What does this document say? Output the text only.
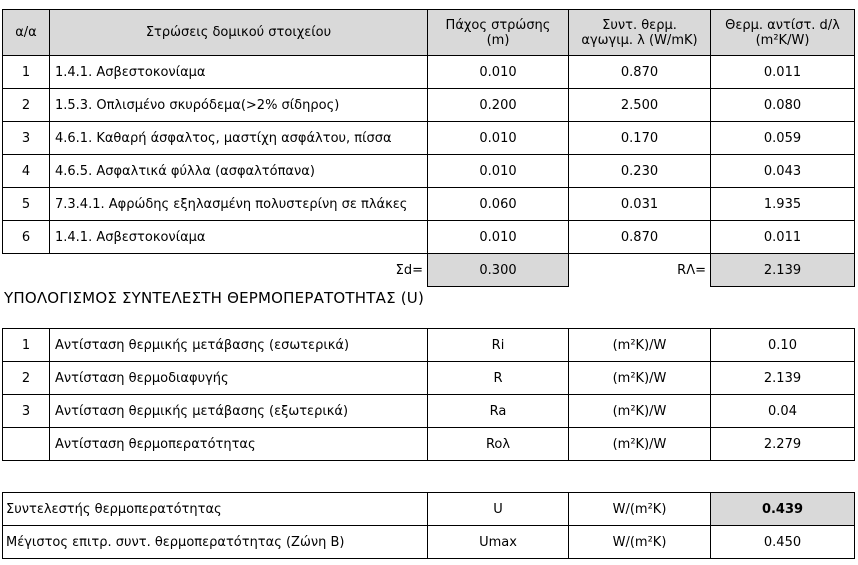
α/α	Στρώσεις δομικού στοιχείου	Πάχος στρώσης (m)	Συντ. θερμ. αγωγιμ. λ (W/mK)	Θερμ. αντίστ. d/λ (m²K/W)
1	1.4.1. Ασβεστοκονίαμα	0.010	0.870	0.011
2	1.5.3. Οπλισμένο σκυρόδεμα(>2% σίδηρος)	0.200	2.500	0.080
3	4.6.1. Καθαρή άσφαλτος, μαστίχη ασφάλτου, πίσσα	0.010	0.170	0.059
4	4.6.5. Ασφαλτικά φύλλα (ασφαλτόπανα)	0.010	0.230	0.043
5	7.3.4.1. Αφρώδης εξηλασμένη πολυστερίνη σε πλάκες	0.060	0.031	1.935
6	1.4.1. Ασβεστοκονίαμα	0.010	0.870	0.011
	Σd=	0.300	RΛ=	2.139
ΥΠΟΛΟΓΙΣΜΟΣ ΣΥΝΤΕΛΕΣΤΗ ΘΕΡΜΟΠΕΡΑΤΟΤΗΤΑΣ (U)
1	Αντίσταση θερμικής μετάβασης (εσωτερικά)	Ri	(m²K)/W	0.10
2	Αντίσταση θερμοδιαφυγής	R	(m²K)/W	2.139
3	Αντίσταση θερμικής μετάβασης (εξωτερικά)	Ra	(m²K)/W	0.04
	Αντίσταση θερμοπερατότητας	Roλ	(m²K)/W	2.279
Συντελεστής θερμοπερατότητας	U	W/(m²K)	0.439
Μέγιστος επιτρ. συντ. θερμοπερατότητας (Ζώνη Β)	Umax	W/(m²K)	0.450
